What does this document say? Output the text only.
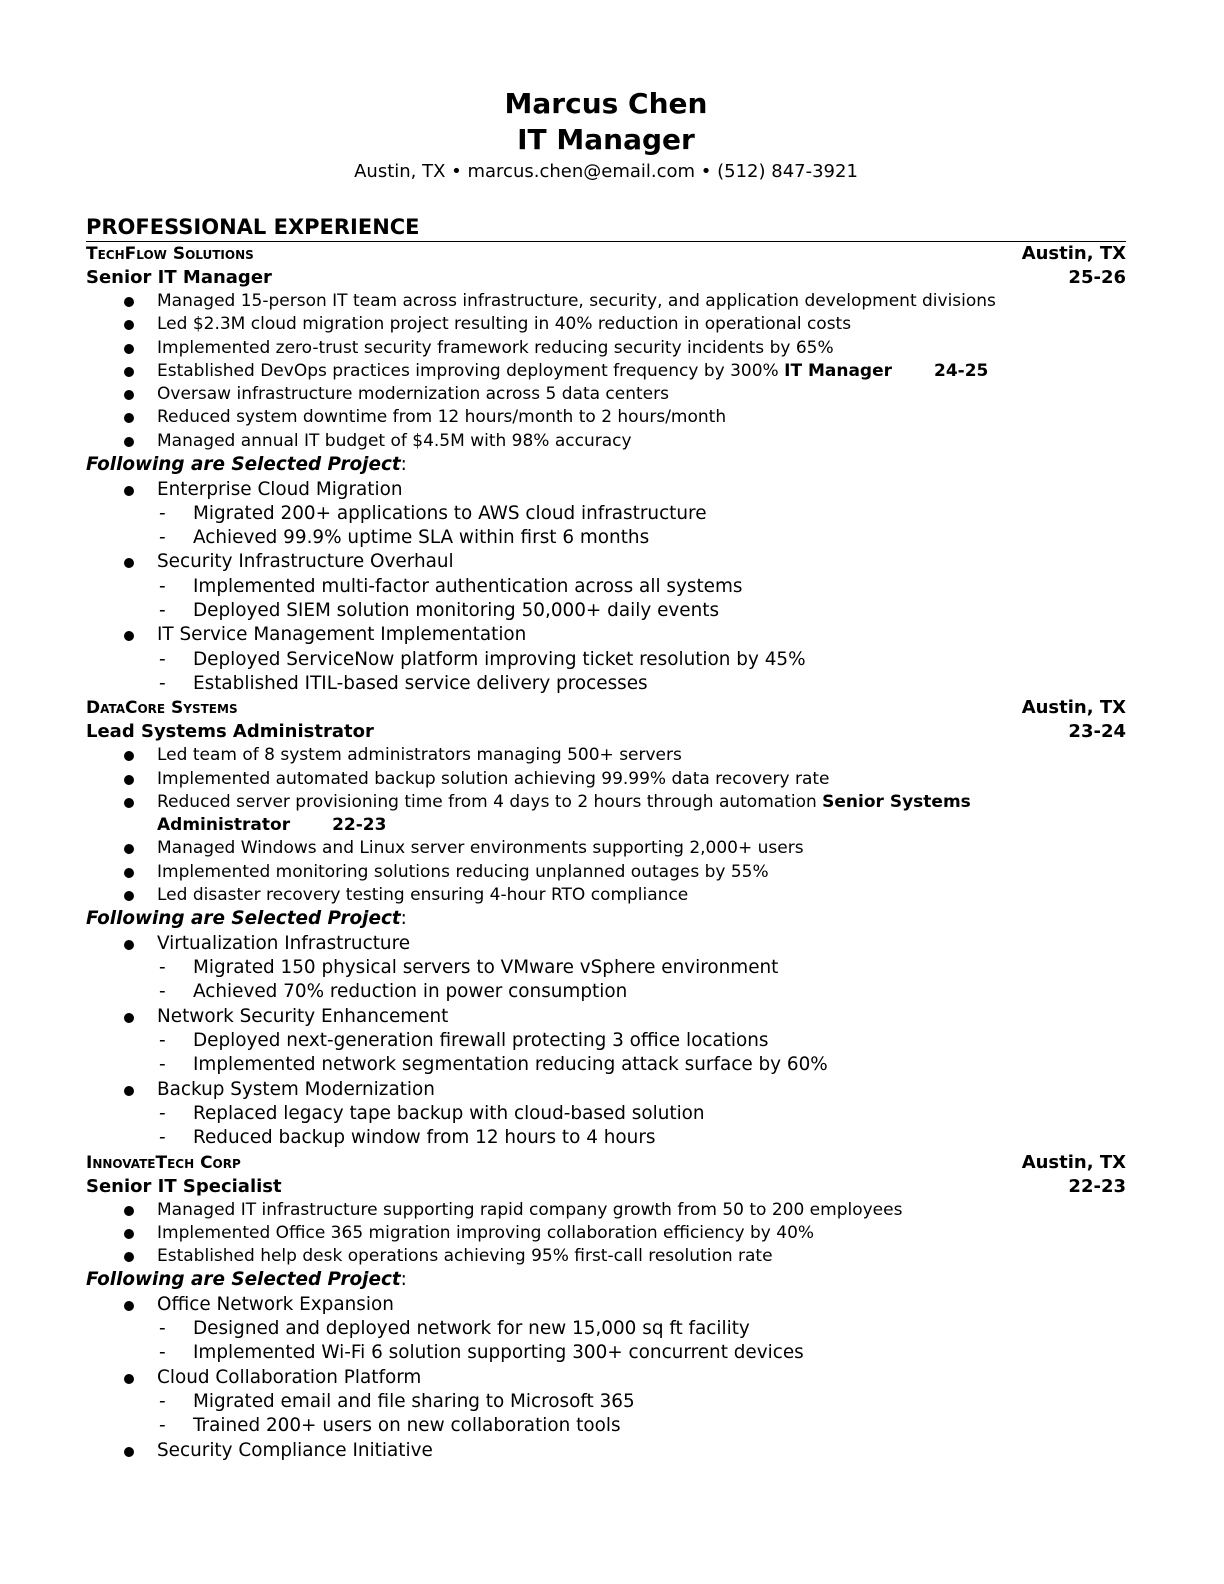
Marcus Chen
IT Manager
Austin, TX • marcus.chen@email.com • (512) 847-3921
PROFESSIONAL EXPERIENCE
TechFlow Solutions	Austin, TX
Senior IT Manager	25-26
Managed 15-person IT team across infrastructure, security, and application development divisions
Led $2.3M cloud migration project resulting in 40% reduction in operational costs
Implemented zero-trust security framework reducing security incidents by 65%
Established DevOps practices improving deployment frequency by 300% IT Manager 24-25
Oversaw infrastructure modernization across 5 data centers
Reduced system downtime from 12 hours/month to 2 hours/month
Managed annual IT budget of $4.5M with 98% accuracy
Following are Selected Project:
Enterprise Cloud Migration
- Migrated 200+ applications to AWS cloud infrastructure
- Achieved 99.9% uptime SLA within first 6 months
Security Infrastructure Overhaul
- Implemented multi-factor authentication across all systems
- Deployed SIEM solution monitoring 50,000+ daily events
IT Service Management Implementation
- Deployed ServiceNow platform improving ticket resolution by 45%
- Established ITIL-based service delivery processes
DataCore Systems	Austin, TX
Lead Systems Administrator	23-24
Led team of 8 system administrators managing 500+ servers
Implemented automated backup solution achieving 99.99% data recovery rate
Reduced server provisioning time from 4 days to 2 hours through automation Senior Systems Administrator 22-23
Managed Windows and Linux server environments supporting 2,000+ users
Implemented monitoring solutions reducing unplanned outages by 55%
Led disaster recovery testing ensuring 4-hour RTO compliance
Following are Selected Project:
Virtualization Infrastructure
- Migrated 150 physical servers to VMware vSphere environment
- Achieved 70% reduction in power consumption
Network Security Enhancement
- Deployed next-generation firewall protecting 3 office locations
- Implemented network segmentation reducing attack surface by 60%
Backup System Modernization
- Replaced legacy tape backup with cloud-based solution
- Reduced backup window from 12 hours to 4 hours
InnovateTech Corp	Austin, TX
Senior IT Specialist	22-23
Managed IT infrastructure supporting rapid company growth from 50 to 200 employees
Implemented Office 365 migration improving collaboration efficiency by 40%
Established help desk operations achieving 95% first-call resolution rate
Following are Selected Project:
Office Network Expansion
- Designed and deployed network for new 15,000 sq ft facility
- Implemented Wi-Fi 6 solution supporting 300+ concurrent devices
Cloud Collaboration Platform
- Migrated email and file sharing to Microsoft 365
- Trained 200+ users on new collaboration tools
Security Compliance Initiative
